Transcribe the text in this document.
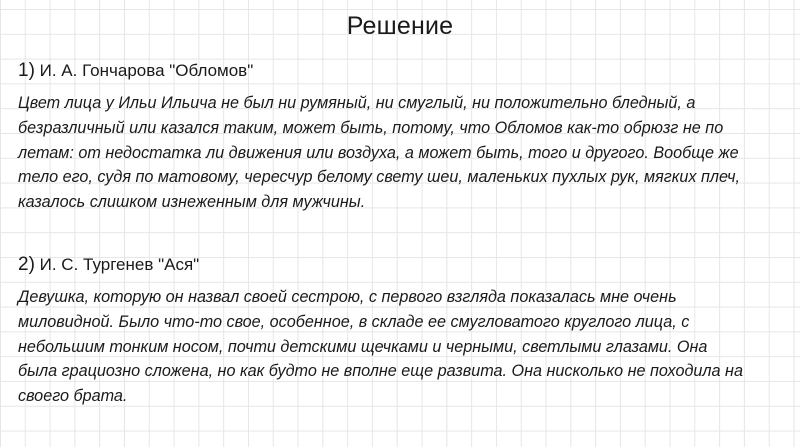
Решение
1) И. А. Гончарова "Обломов"
Цвет лица у Ильи Ильича не был ни румяный, ни смуглый, ни положительно бледный, а
безразличный или казался таким, может быть, потому, что Обломов как-то обрюзг не по
летам: от недостатка ли движения или воздуха, а может быть, того и другого. Вообще же
тело его, судя по матовому, чересчур белому свету шеи, маленьких пухлых рук, мягких плеч,
казалось слишком изнеженным для мужчины.
2) И. С. Тургенев "Ася"
Девушка, которую он назвал своей сестрою, с первого взгляда показалась мне очень
миловидной. Было что-то свое, особенное, в складе ее смугловатого круглого лица, с
небольшим тонким носом, почти детскими щечками и черными, светлыми глазами. Она
была грациозно сложена, но как будто не вполне еще развита. Она нисколько не походила на
своего брата.
